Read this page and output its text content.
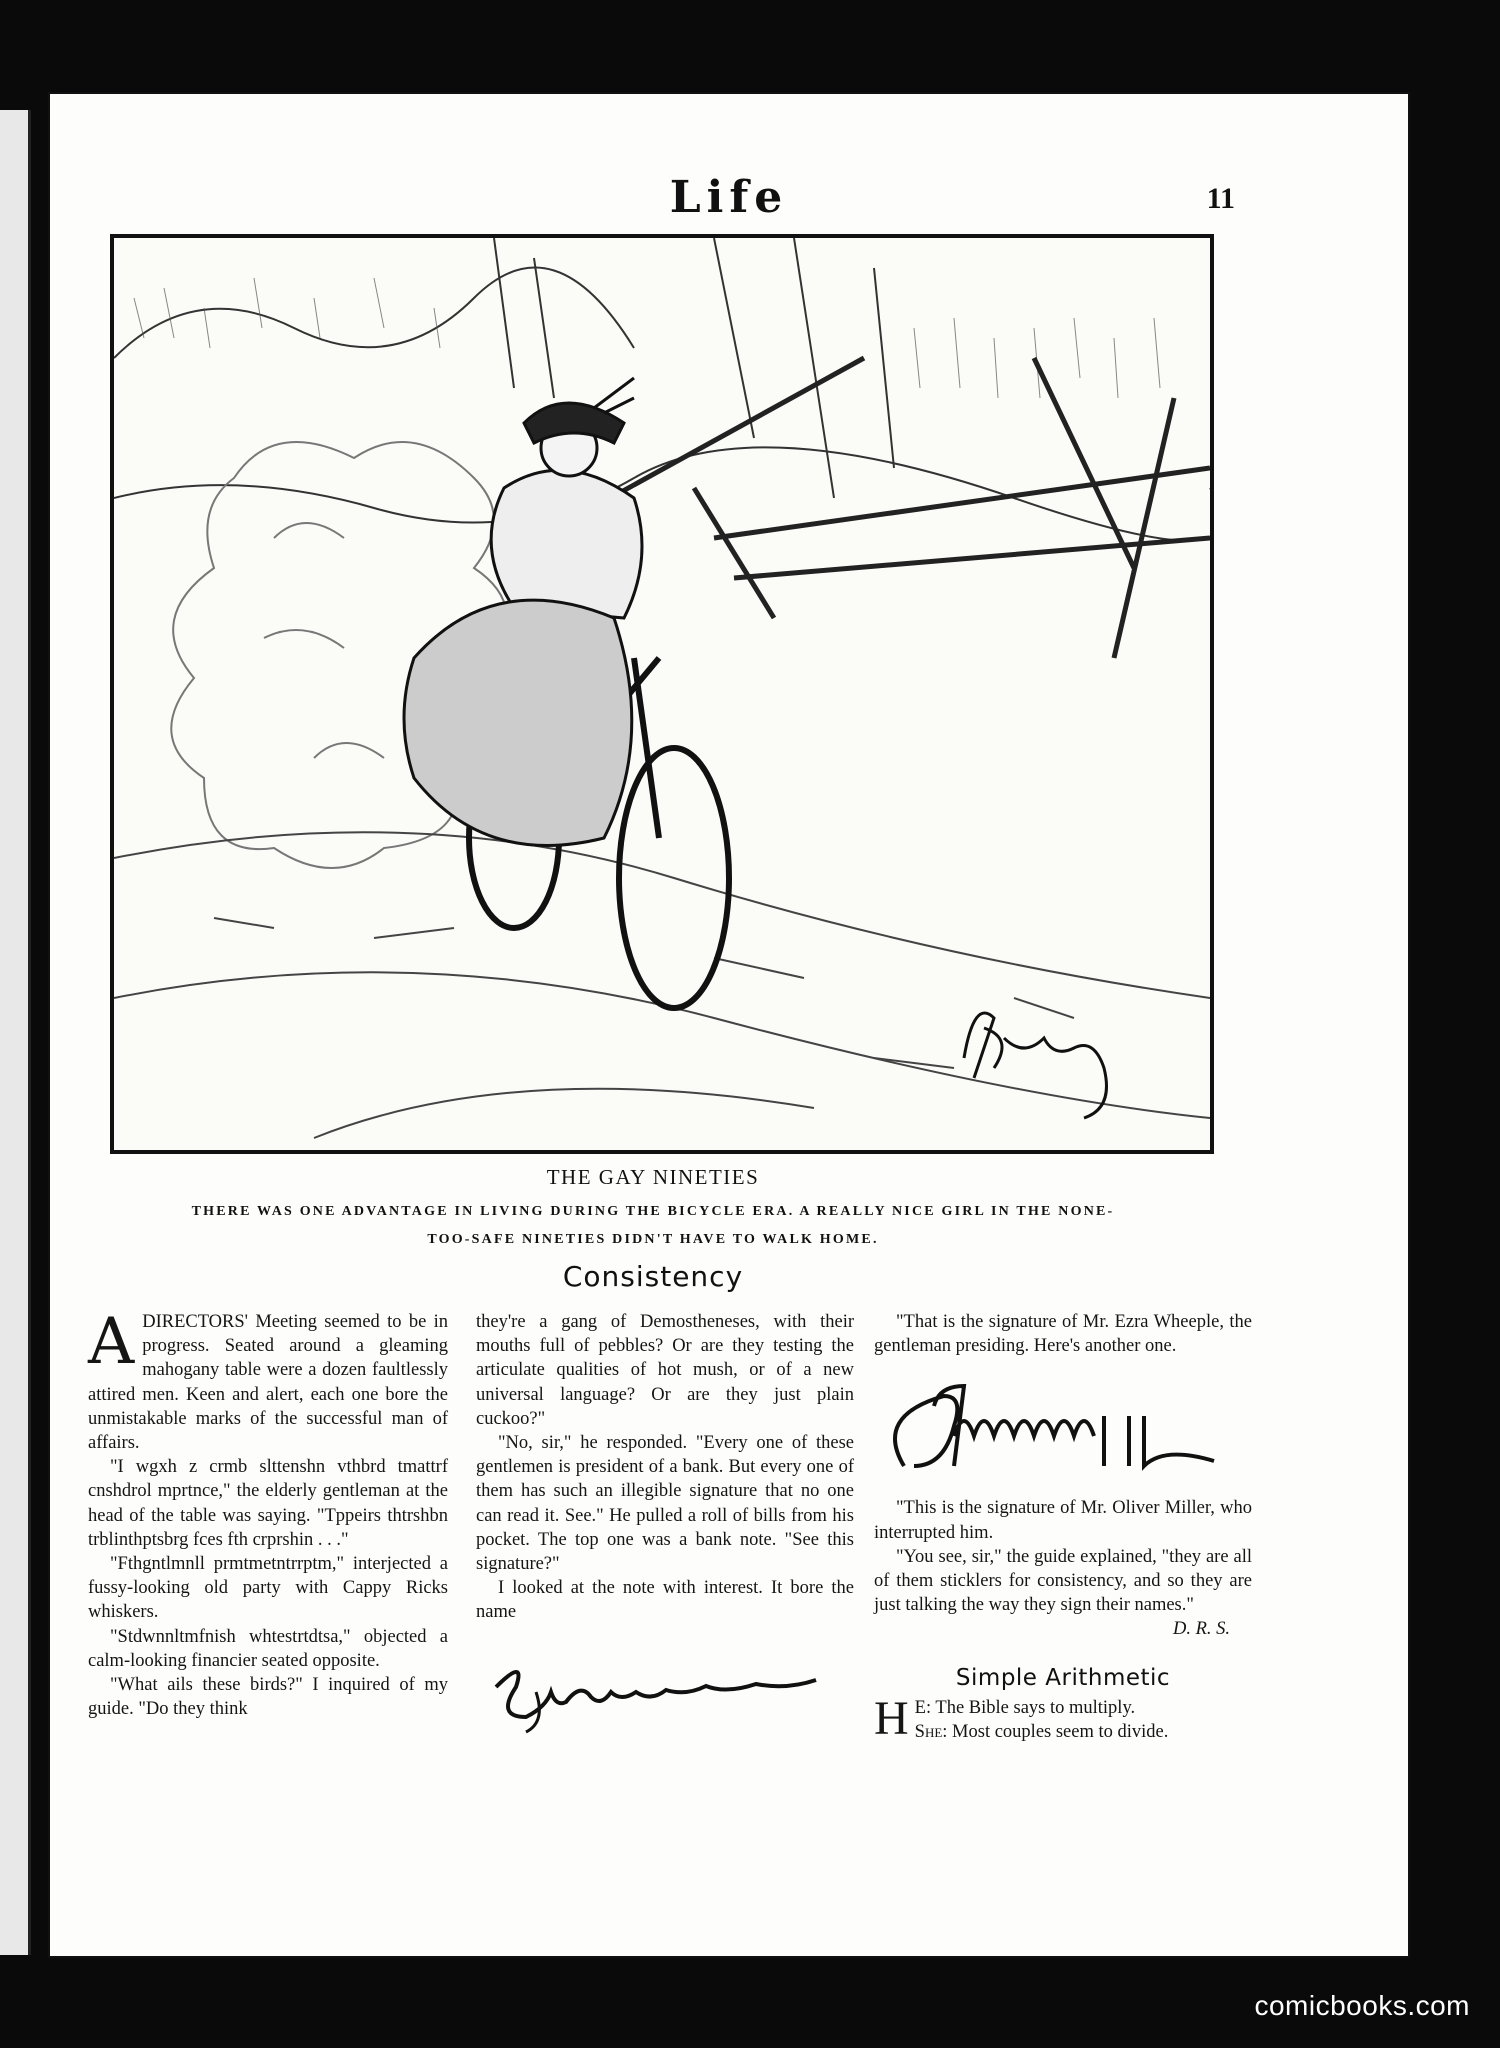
Life	11
R.Wulfe
THE GAY NINETIES
THERE WAS ONE ADVANTAGE IN LIVING DURING THE BICYCLE ERA. A REALLY NICE GIRL IN THE NONE-TOO-SAFE NINETIES DIDN'T HAVE TO WALK HOME.
Consistency

ADIRECTORS' Meeting seemed to be in progress. Seated around a gleaming mahogany table were a dozen faultlessly attired men. Keen and alert, each one bore the unmistakable marks of the successful man of affairs.

"I wgxh z crmb slttenshn vthbrd tmattrf cnshdrol mprtnce," the elderly gentleman at the head of the table was saying. "Tppeirs thtrshbn trblinthptsbrg fces fth crprshin . . ."

"Fthgntlmnll prmtmetntrrptm," interjected a fussy-looking old party with Cappy Ricks whiskers.

"Stdwnnltmfnish whtestrtdtsa," objected a calm-looking financier seated opposite.

"What ails these birds?" I inquired of my guide. "Do they think

they're a gang of Demostheneses, with their mouths full of pebbles? Or are they testing the articulate qualities of hot mush, or of a new universal language? Or are they just plain cuckoo?"

"No, sir," he responded. "Every one of these gentlemen is president of a bank. But every one of them has such an illegible signature that no one can read it. See." He pulled a roll of bills from his pocket. The top one was a bank note. "See this signature?"

I looked at the note with interest. It bore the name

"That is the signature of Mr. Ezra Wheeple, the gentleman presiding. Here's another one.

"This is the signature of Mr. Oliver Miller, who interrupted him.

"You see, sir," the guide explained, "they are all of them sticklers for consistency, and so they are just talking the way they sign their names."

D. R. S.

Simple Arithmetic

H E: The Bible says to multiply.
She: Most couples seem to divide.

comicbooks.com
